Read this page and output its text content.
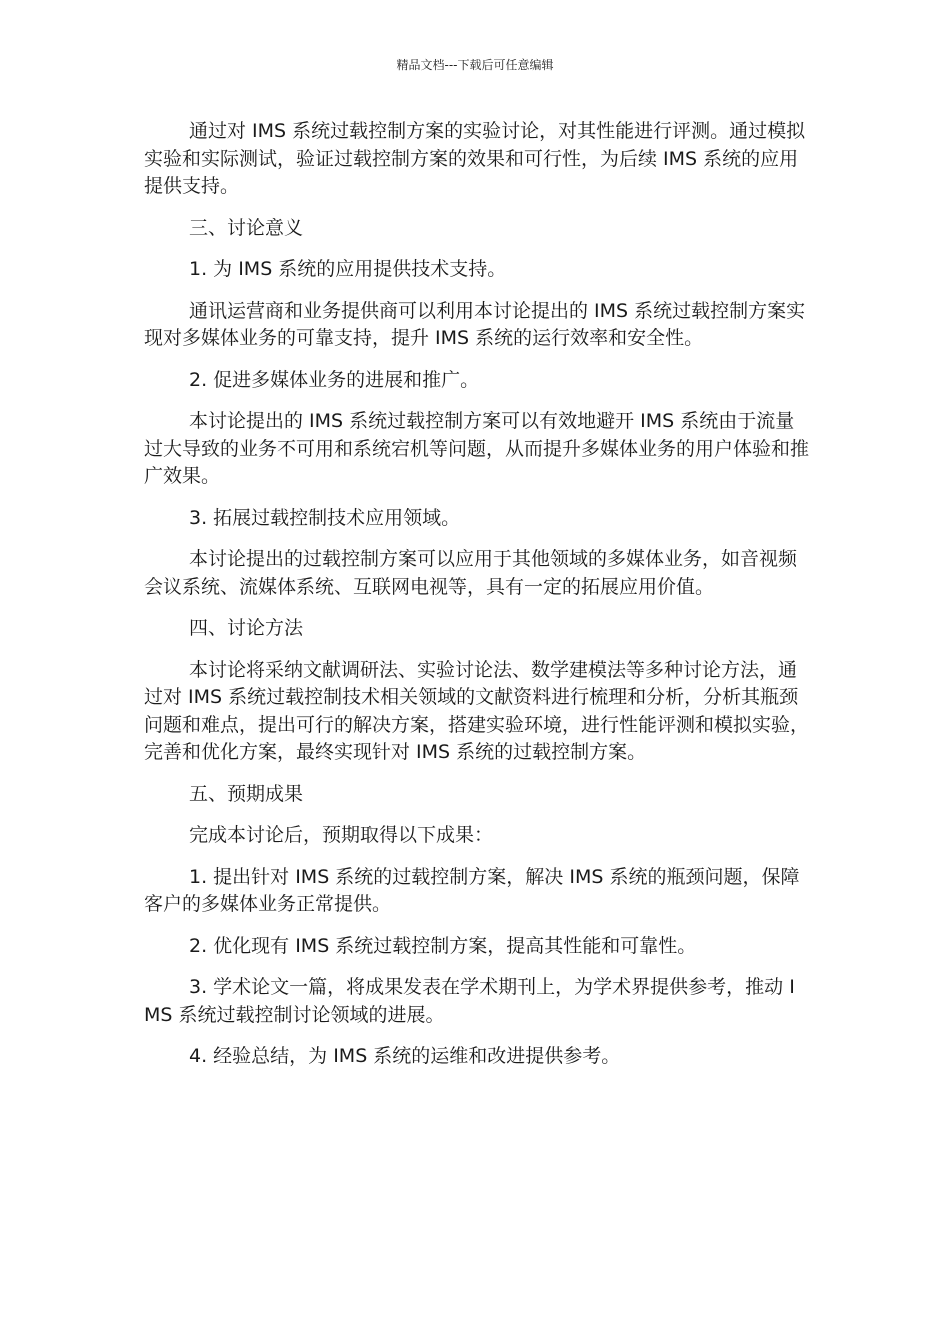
精品文档---下载后可任意编辑

通过对 IMS 系统过载控制方案的实验讨论，对其性能进行评测。通过模拟实验和实际测试，验证过载控制方案的效果和可行性，为后续 IMS 系统的应用提供支持。

三、讨论意义

1. 为 IMS 系统的应用提供技术支持。

通讯运营商和业务提供商可以利用本讨论提出的 IMS 系统过载控制方案实现对多媒体业务的可靠支持，提升 IMS 系统的运行效率和安全性。

2. 促进多媒体业务的进展和推广。

本讨论提出的 IMS 系统过载控制方案可以有效地避开 IMS 系统由于流量过大导致的业务不可用和系统宕机等问题，从而提升多媒体业务的用户体验和推广效果。

3. 拓展过载控制技术应用领域。

本讨论提出的过载控制方案可以应用于其他领域的多媒体业务，如音视频会议系统、流媒体系统、互联网电视等，具有一定的拓展应用价值。

四、讨论方法

本讨论将采纳文献调研法、实验讨论法、数学建模法等多种讨论方法，通过对 IMS 系统过载控制技术相关领域的文献资料进行梳理和分析，分析其瓶颈问题和难点，提出可行的解决方案，搭建实验环境，进行性能评测和模拟实验，完善和优化方案，最终实现针对 IMS 系统的过载控制方案。

五、预期成果

完成本讨论后，预期取得以下成果：

1. 提出针对 IMS 系统的过载控制方案，解决 IMS 系统的瓶颈问题，保障客户的多媒体业务正常提供。

2. 优化现有 IMS 系统过载控制方案，提高其性能和可靠性。

3. 学术论文一篇，将成果发表在学术期刊上，为学术界提供参考，推动 IMS 系统过载控制讨论领域的进展。

4. 经验总结，为 IMS 系统的运维和改进提供参考。
